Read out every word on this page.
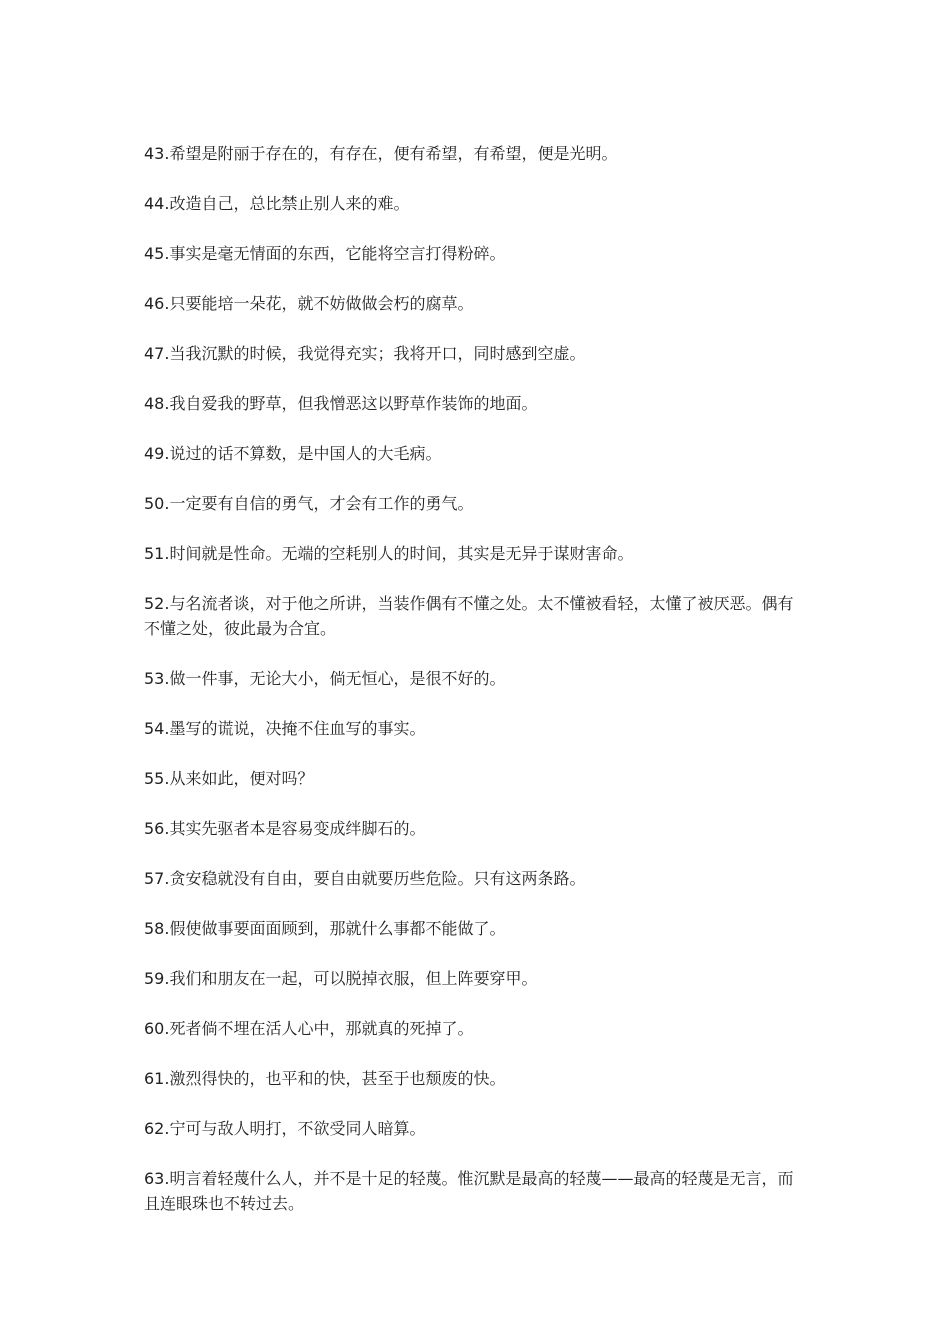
43.希望是附丽于存在的，有存在，便有希望，有希望，便是光明。

44.改造自己，总比禁止别人来的难。

45.事实是毫无情面的东西，它能将空言打得粉碎。

46.只要能培一朵花，就不妨做做会朽的腐草。

47.当我沉默的时候，我觉得充实；我将开口，同时感到空虚。

48.我自爱我的野草，但我憎恶这以野草作装饰的地面。

49.说过的话不算数，是中国人的大毛病。

50.一定要有自信的勇气，才会有工作的勇气。

51.时间就是性命。无端的空耗别人的时间，其实是无异于谋财害命。

52.与名流者谈，对于他之所讲，当装作偶有不懂之处。太不懂被看轻，太懂了被厌恶。偶有不懂之处，彼此最为合宜。

53.做一件事，无论大小，倘无恒心，是很不好的。

54.墨写的谎说，决掩不住血写的事实。

55.从来如此，便对吗？

56.其实先驱者本是容易变成绊脚石的。

57.贪安稳就没有自由，要自由就要历些危险。只有这两条路。

58.假使做事要面面顾到，那就什么事都不能做了。

59.我们和朋友在一起，可以脱掉衣服，但上阵要穿甲。

60.死者倘不埋在活人心中，那就真的死掉了。

61.激烈得快的，也平和的快，甚至于也颓废的快。

62.宁可与敌人明打，不欲受同人暗算。

63.明言着轻蔑什么人，并不是十足的轻蔑。惟沉默是最高的轻蔑——最高的轻蔑是无言，而且连眼珠也不转过去。
